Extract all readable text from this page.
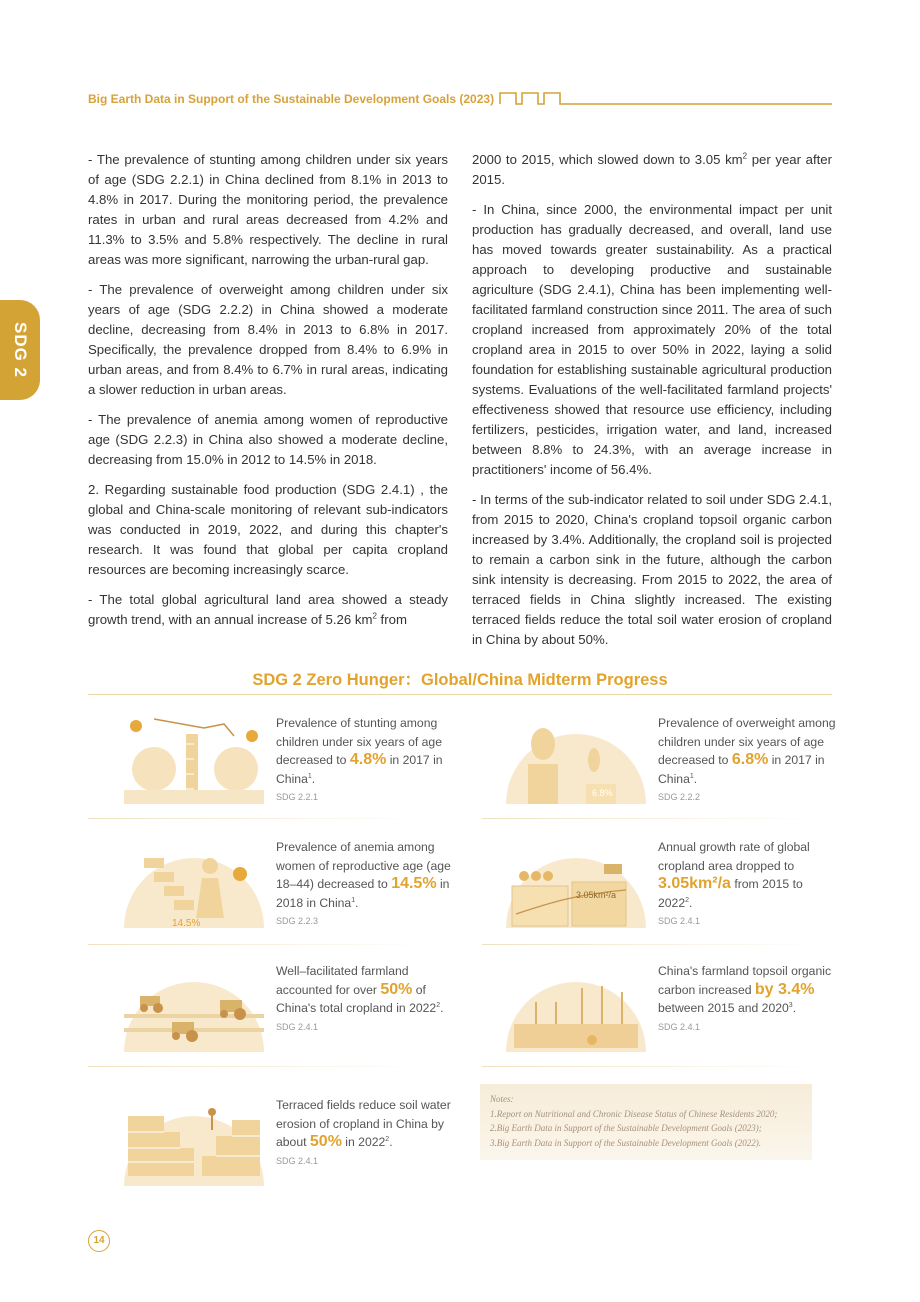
Big Earth Data in Support of the Sustainable Development Goals (2023)
SDG 2

- The prevalence of stunting among children under six years of age (SDG 2.2.1) in China declined from 8.1% in 2013 to 4.8% in 2017. During the monitoring period, the prevalence rates in urban and rural areas decreased from 4.2% and 11.3% to 3.5% and 5.8% respectively. The decline in rural areas was more significant, narrowing the urban-rural gap.

- The prevalence of overweight among children under six years of age (SDG 2.2.2) in China showed a moderate decline, decreasing from 8.4% in 2013 to 6.8% in 2017. Specifically, the prevalence dropped from 8.4% to 6.9% in urban areas, and from 8.4% to 6.7% in rural areas, indicating a slower reduction in urban areas.

- The prevalence of anemia among women of reproductive age (SDG 2.2.3) in China also showed a moderate decline, decreasing from 15.0% in 2012 to 14.5% in 2018.

2. Regarding sustainable food production (SDG 2.4.1) , the global and China-scale monitoring of relevant sub-indicators was conducted in 2019, 2022, and during this chapter's research. It was found that global per capita cropland resources are becoming increasingly scarce.

- The total global agricultural land area showed a steady growth trend, with an annual increase of 5.26 $km^2$ from

2000 to 2015, which slowed down to 3.05 $km^2$ per year after 2015.

- In China, since 2000, the environmental impact per unit production has gradually decreased, and overall, land use has moved towards greater sustainability. As a practical approach to developing productive and sustainable agriculture (SDG 2.4.1), China has been implementing well-facilitated farmland construction since 2011. The area of such cropland increased from approximately 20% of the total cropland area in 2015 to over 50% in 2022, laying a solid foundation for establishing sustainable agricultural production systems. Evaluations of the well-facilitated farmland projects' effectiveness showed that resource use efficiency, including fertilizers, pesticides, irrigation water, and land, increased between 8.8% to 24.3%, with an average increase in practitioners' income of 56.4%.

- In terms of the sub-indicator related to soil under SDG 2.4.1, from 2015 to 2020, China's cropland topsoil organic carbon increased by 3.4%. Additionally, the cropland soil is projected to remain a carbon sink in the future, although the carbon sink intensity is decreasing. From 2015 to 2022, the area of terraced fields in China slightly increased. The existing terraced fields reduce the total soil water erosion of cropland in China by about 50%.

SDG 2 Zero Hunger：Global/China Midterm Progress
Prevalence of stunting among children under six years of age decreased to 4.8% in 2017 in China$^1$.
SDG 2.2.1	6.8%
Prevalence of overweight among children under six years of age decreased to 6.8% in 2017 in China$^1$.
SDG 2.2.2
14.5%
Prevalence of anemia among women of reproductive age (age 18–44) decreased to 14.5% in 2018 in China$^1$.
SDG 2.2.3
3.05km²/a
Annual growth rate of global cropland area dropped to 3.05km²/a from 2015 to 2022$^2$.
SDG 2.4.1
Well–facilitated farmland accounted for over 50% of China's total cropland in 2022$^2$.
SDG 2.4.1
China's farmland topsoil organic carbon increased by 3.4% between 2015 and 2020$^3$.
SDG 2.4.1
Terraced fields reduce soil water erosion of cropland in China by about 50% in 2022$^2$.
SDG 2.4.1
Notes:
1.Report on Nutritional and Chronic Disease Status of Chinese Residents 2020;
2.Big Earth Data in Support of the Sustainable Development Goals (2023);
3.Big Earth Data in Support of the Sustainable Development Goals (2022).
14
